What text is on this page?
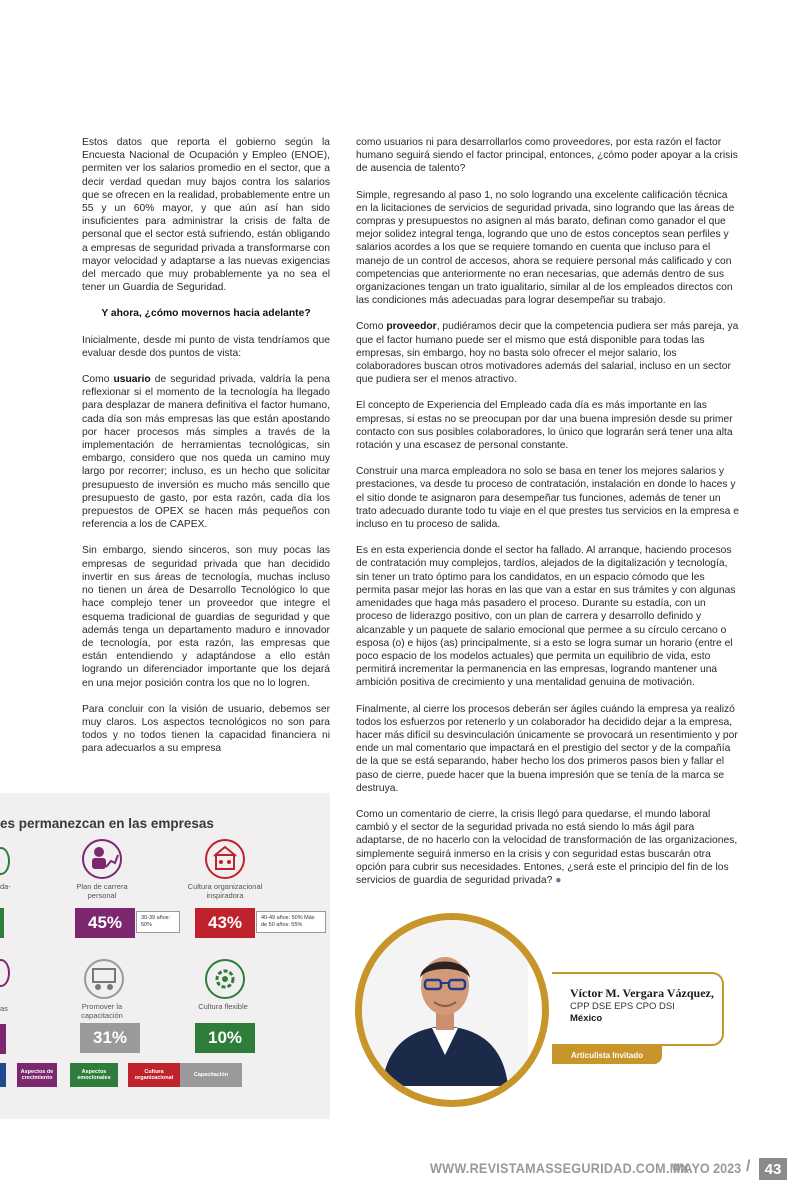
Estos datos que reporta el gobierno según la Encuesta Nacional de Ocupación y Empleo (ENOE), permiten ver los salarios promedio en el sector, que a decir verdad quedan muy bajos contra los salarios que se ofrecen en la realidad, probablemente entre un 55 y un 60% mayor, y que aún así han sido insuficientes para administrar la crisis de falta de personal que el sector está sufriendo, están obligando a empresas de seguridad privada a transformarse con mayor velocidad y adaptarse a las nuevas exigencias del mercado que muy probablemente ya no sea el tener un Guardia de Seguridad.

Y ahora, ¿cómo movernos hacia adelante?

Inicialmente, desde mi punto de vista tendríamos que evaluar desde dos puntos de vista:

Como usuario de seguridad privada, valdría la pena reflexionar si el momento de la tecnología ha llegado para desplazar de manera definitiva el factor humano, cada día son más empresas las que están apostando por hacer procesos más simples a través de la implementación de herramientas tecnológicas, sin embargo, considero que nos queda un camino muy largo por recorrer; incluso, es un hecho que solicitar presupuesto de inversión es mucho más sencillo que presupuesto de gasto, por esta razón, cada día los prepuestos de OPEX se hacen más pequeños con referencia a los de CAPEX.

Sin embargo, siendo sinceros, son muy pocas las empresas de seguridad privada que han decidido invertir en sus áreas de tecnología, muchas incluso no tienen un área de Desarrollo Tecnológico lo que hace complejo tener un proveedor que integre el esquema tradicional de guardias de seguridad y que además tenga un departamento maduro e innovador de tecnología, por esta razón, las empresas que están entendiendo y adaptándose a ello están logrando un diferenciador importante que los dejará en una mejor posición contra los que no lo logren.

Para concluir con la visión de usuario, debemos ser muy claros. Los aspectos tecnológicos no son para todos y no todos tienen la capacidad financiera ni para adecuarlos a su empresa

como usuarios ni para desarrollarlos como proveedores, por esta razón el factor humano seguirá siendo el factor principal, entonces, ¿cómo poder apoyar a la crisis de ausencia de talento?

Simple, regresando al paso 1, no solo logrando una excelente calificación técnica en la licitaciones de servicios de seguridad privada, sino logrando que las áreas de compras y presupuestos no asignen al más barato, definan como ganador el que mejor solidez integral tenga, logrando que uno de estos conceptos sean perfiles y salarios acordes a los que se requiere tomando en cuenta que incluso para el manejo de un control de accesos, ahora se requiere personal más calificado y con competencias que anteriormente no eran necesarias, que además dentro de sus organizaciones tengan un trato igualitario, similar al de los empleados directos con las condiciones más adecuadas para lograr desempeñar su trabajo.

Como proveedor, pudiéramos decir que la competencia pudiera ser más pareja, ya que el factor humano puede ser el mismo que está disponible para todas las empresas, sin embargo, hoy no basta solo ofrecer el mejor salario, los colaboradores buscan otros motivadores además del salarial, incluso en un sector que pudiera ser el menos atractivo.

El concepto de Experiencia del Empleado cada día es más importante en las empresas, si estas no se preocupan por dar una buena impresión desde su primer contacto con sus posibles colaboradores, lo único que lograrán será tener una alta rotación y una escasez de personal constante.

Construir una marca empleadora no solo se basa en tener los mejores salarios y prestaciones, va desde tu proceso de contratación, instalación en donde lo haces y el sitio donde te asignaron para desempeñar tus funciones, además de tener un trato adecuado durante todo tu viaje en el que prestes tus servicios en la empresa e incluso en tu proceso de salida.

Es en esta experiencia donde el sector ha fallado. Al arranque, haciendo procesos de contratación muy complejos, tardíos, alejados de la digitalización y tecnología, sin tener un trato óptimo para los candidatos, en un espacio cómodo que les permita pasar mejor las horas en las que van a estar en sus trámites y con algunas amenidades que haga más pasadero el proceso. Durante su estadía, con un proceso de liderazgo positivo, con un plan de carrera y desarrollo definido y alcanzable y un paquete de salario emocional que permee a su círculo cercano o esposa (o) e hijos (as) principalmente, si a esto se logra sumar un horario (entre el poco espacio de los modelos actuales) que permita un equilibrio de vida, esto permitirá incrementar la permanencia en las empresas, logrando mantener una ambición positiva de crecimiento y una mentalidad genuina de motivación.

Finalmente, al cierre los procesos deberán ser ágiles cuándo la empresa ya realizó todos los esfuerzos por retenerlo y un colaborador ha decidido dejar a la empresa, hacer más difícil su desvinculación únicamente se provocará un resentimiento y por ende un mal comentario que impactará en el prestigio del sector y de la compañía de la que se está separando, haber hecho los dos primeros pasos bien y fallar el paso de cierre, puede hacer que la buena impresión que se tenía de la marca se destruya.

Como un comentario de cierre, la crisis llegó para quedarse, el mundo laboral cambió y el sector de la seguridad privada no está siendo lo más ágil para adaptarse, de no hacerlo con la velocidad de transformación de las organizaciones, simplemente seguirá inmerso en la crisis y con seguridad estas buscarán otra opción para cubrir sus necesidades. Entones, ¿será este el principio del fin de los servicios de guardia de seguridad privada? ●

es permanezcan en las empresas
da-
as
Plan de carrera personal
45%	30-39 años: 50%
Cultura organizacional inspiradora
43%	40-49 años: 50% Más de 50 años: 55%
Promover la capacitación
31%
Cultura flexible
10%
Aspectos de crecimiento
Aspectos emocionales
Cultura organizacional
Capacitación
Víctor M. Vergara Vázquez,
CPP DSE EPS CPO DSI
México
Articulista Invitado
WWW.REVISTAMASSEGURIDAD.COM.MX
MAYO 2023 / 43
